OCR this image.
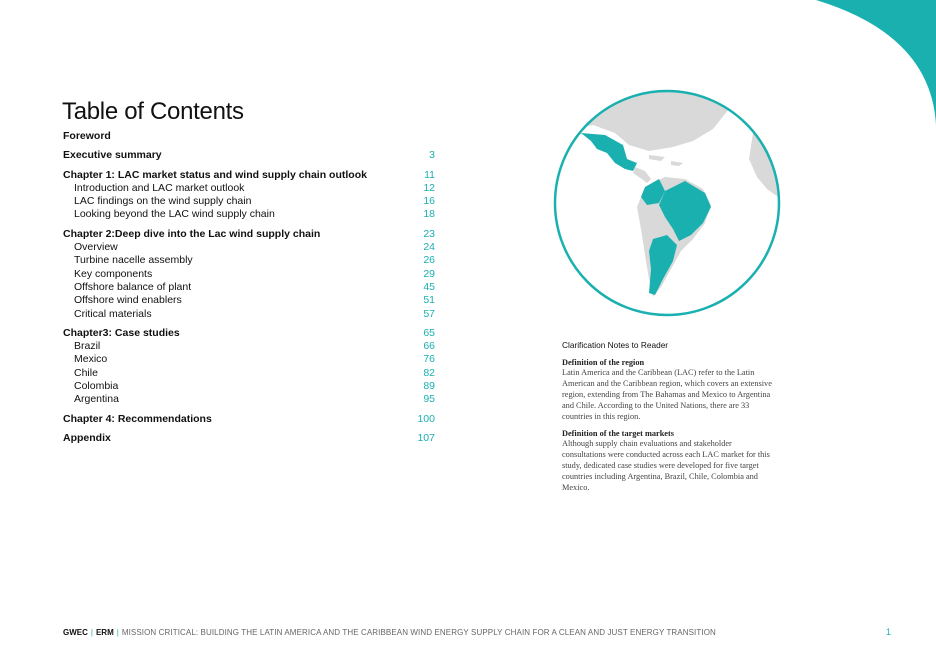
Table of Contents
Foreword
Executive summary	3
Chapter 1: LAC market status and wind supply chain outlook	11
Introduction and LAC market outlook	12
LAC findings on the wind supply chain	16
Looking beyond the LAC wind supply chain	18
Chapter 2:Deep dive into the Lac wind supply chain	23
Overview	24
Turbine nacelle assembly	26
Key components	29
Offshore balance of plant	45
Offshore wind enablers	51
Critical materials	57
Chapter3: Case studies	65
Brazil	66
Mexico	76
Chile	82
Colombia	89
Argentina	95
Chapter 4: Recommendations	100
Appendix	107

Clarification Notes to Reader

Definition of the region

Latin America and the Caribbean (LAC) refer to the Latin American and the Caribbean region, which covers an extensive region, extending from The Bahamas and Mexico to Argentina and Chile. According to the United Nations, there are 33 countries in this region.

Definition of the target markets

Although supply chain evaluations and stakeholder consultations were conducted across each LAC market for this study, dedicated case studies were developed for five target countries including Argentina, Brazil, Chile, Colombia and Mexico.

GWEC | ERM | MISSION CRITICAL: BUILDING THE LATIN AMERICA AND THE CARIBBEAN WIND ENERGY SUPPLY CHAIN FOR A CLEAN AND JUST ENERGY TRANSITION	1
